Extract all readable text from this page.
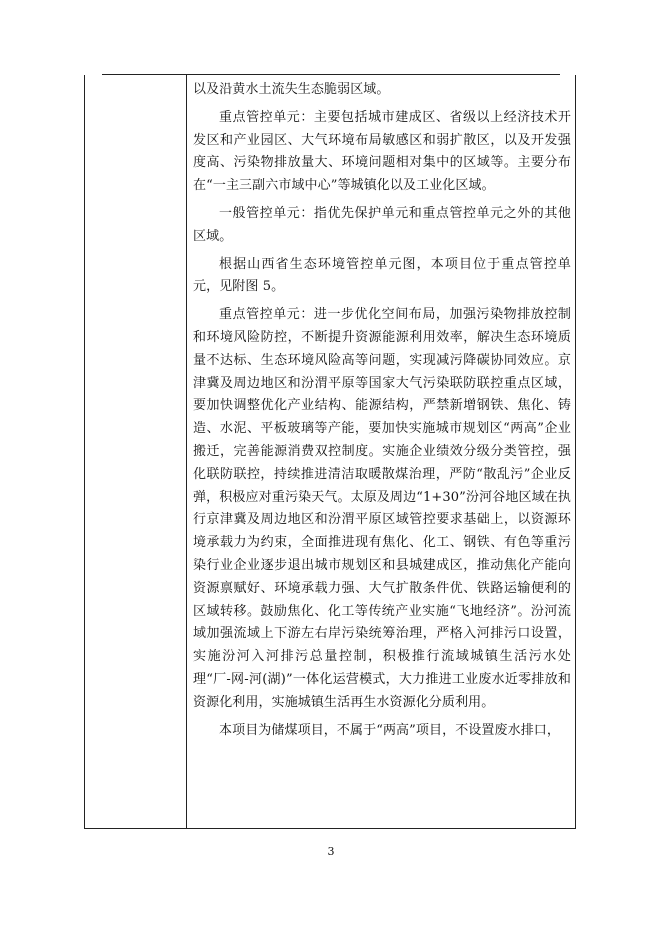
以及沿黄水土流失生态脆弱区域。

重点管控单元：主要包括城市建成区、省级以上经济技术开发区和产业园区、大气环境布局敏感区和弱扩散区，以及开发强度高、污染物排放量大、环境问题相对集中的区域等。主要分布在“一主三副六市域中心”等城镇化以及工业化区域。

一般管控单元：指优先保护单元和重点管控单元之外的其他区域。

根据山西省生态环境管控单元图，本项目位于重点管控单元，见附图 5。

重点管控单元：进一步优化空间布局，加强污染物排放控制和环境风险防控，不断提升资源能源利用效率，解决生态环境质量不达标、生态环境风险高等问题，实现减污降碳协同效应。京津冀及周边地区和汾渭平原等国家大气污染联防联控重点区域，要加快调整优化产业结构、能源结构，严禁新增钢铁、焦化、铸造、水泥、平板玻璃等产能，要加快实施城市规划区“两高”企业搬迁，完善能源消费双控制度。实施企业绩效分级分类管控，强化联防联控，持续推进清洁取暖散煤治理，严防“散乱污”企业反弹，积极应对重污染天气。太原及周边“1+30”汾河谷地区域在执行京津冀及周边地区和汾渭平原区域管控要求基础上，以资源环境承载力为约束，全面推进现有焦化、化工、钢铁、有色等重污染行业企业逐步退出城市规划区和县城建成区，推动焦化产能向资源禀赋好、环境承载力强、大气扩散条件优、铁路运输便利的区域转移。鼓励焦化、化工等传统产业实施“飞地经济”。汾河流域加强流域上下游左右岸污染统筹治理，严格入河排污口设置，实施汾河入河排污总量控制，积极推行流域城镇生活污水处理“厂-网-河(湖)”一体化运营模式，大力推进工业废水近零排放和资源化利用，实施城镇生活再生水资源化分质利用。

本项目为储煤项目，不属于“两高”项目，不设置废水排口，

3
